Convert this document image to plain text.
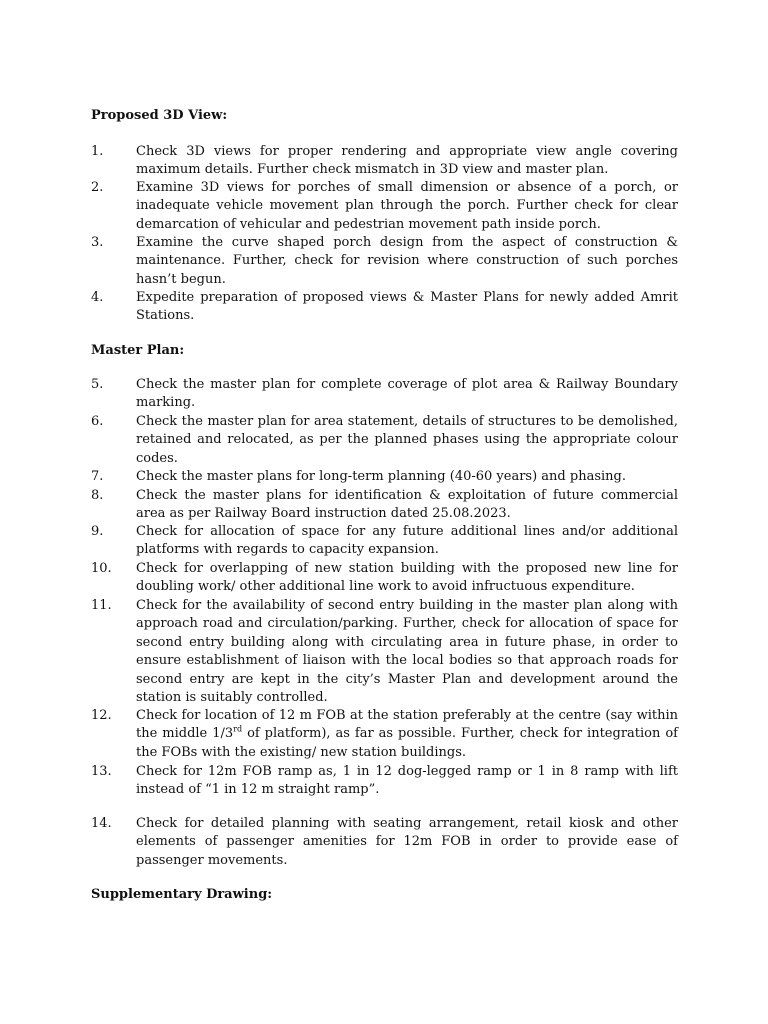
Proposed 3D View:
1.	Check 3D views for proper rendering and appropriate view angle covering maximum details. Further check mismatch in 3D view and master plan.
2.	Examine 3D views for porches of small dimension or absence of a porch, or inadequate vehicle movement plan through the porch. Further check for clear demarcation of vehicular and pedestrian movement path inside porch.
3.	Examine the curve shaped porch design from the aspect of construction & maintenance. Further, check for revision where construction of such porches hasn’t begun.
4.	Expedite preparation of proposed views & Master Plans for newly added Amrit Stations.
Master Plan:
5.	Check the master plan for complete coverage of plot area & Railway Boundary marking.
6.	Check the master plan for area statement, details of structures to be demolished, retained and relocated, as per the planned phases using the appropriate colour codes.
7.	Check the master plans for long-term planning (40-60 years) and phasing.
8.	Check the master plans for identification & exploitation of future commercial area as per Railway Board instruction dated 25.08.2023.
9.	Check for allocation of space for any future additional lines and/or additional platforms with regards to capacity expansion.
10.	Check for overlapping of new station building with the proposed new line for doubling work/ other additional line work to avoid infructuous expenditure.
11.	Check for the availability of second entry building in the master plan along with approach road and circulation/parking. Further, check for allocation of space for second entry building along with circulating area in future phase, in order to ensure establishment of liaison with the local bodies so that approach roads for second entry are kept in the city’s Master Plan and development around the station is suitably controlled.
12.	Check for location of 12 m FOB at the station preferably at the centre (say within the middle 1/3rd of platform), as far as possible. Further, check for integration of the FOBs with the existing/ new station buildings.
13.	Check for 12m FOB ramp as, 1 in 12 dog-legged ramp or 1 in 8 ramp with lift instead of “1 in 12 m straight ramp”.
14.	Check for detailed planning with seating arrangement, retail kiosk and other elements of passenger amenities for 12m FOB in order to provide ease of passenger movements.
Supplementary Drawing:
